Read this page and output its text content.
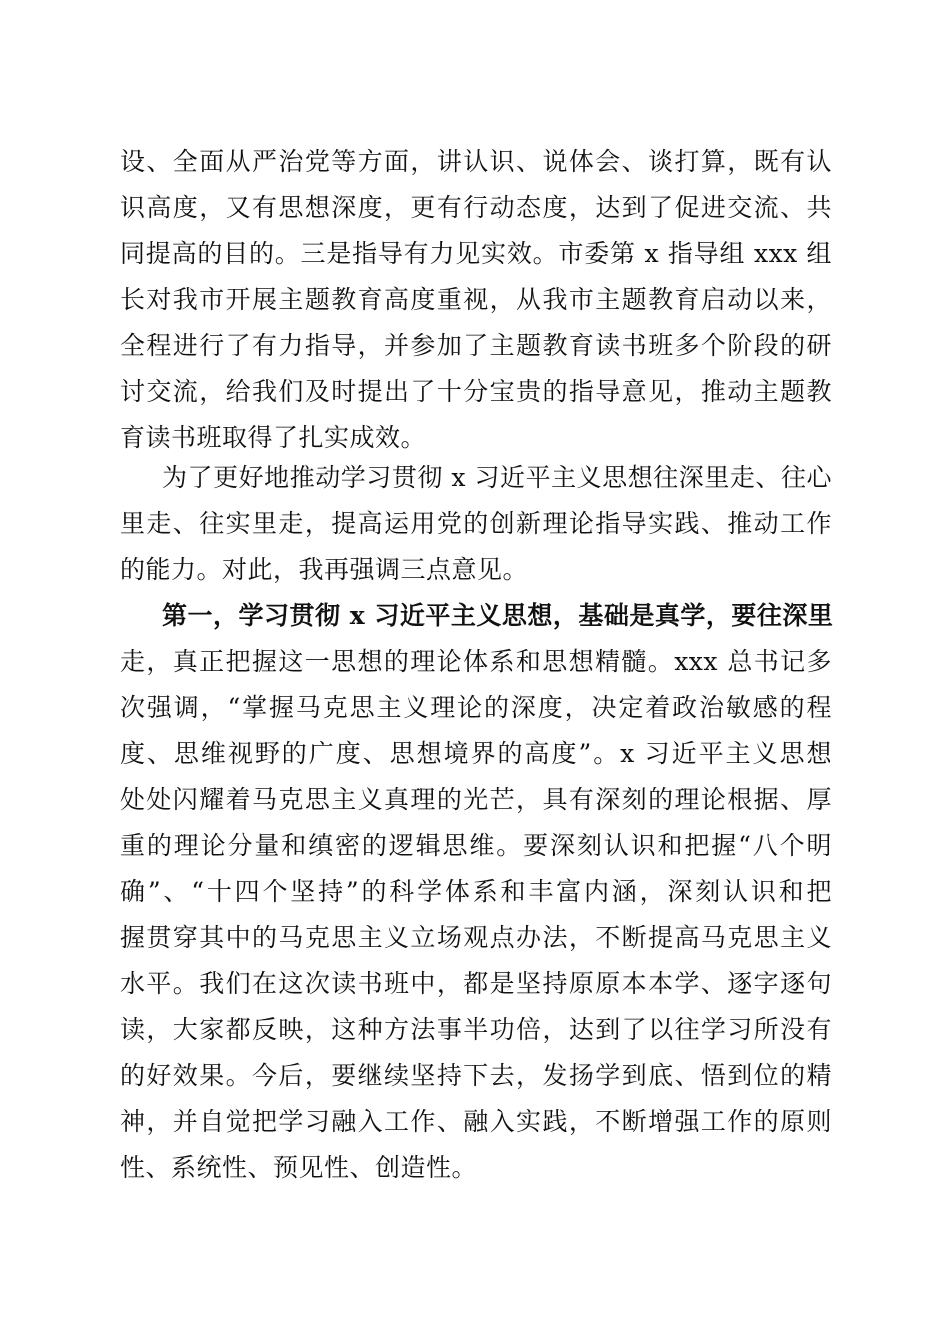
设、全面从严治党等方面，讲认识、说体会、谈打算，既有认
识高度，又有思想深度，更有行动态度，达到了促进交流、共
同提高的目的。三是指导有力见实效。市委第 x 指导组 xxx 组
长对我市开展主题教育高度重视，从我市主题教育启动以来，
全程进行了有力指导，并参加了主题教育读书班多个阶段的研
讨交流，给我们及时提出了十分宝贵的指导意见，推动主题教
育读书班取得了扎实成效。
为了更好地推动学习贯彻 x 习近平主义思想往深里走、往心
里走、往实里走，提高运用党的创新理论指导实践、推动工作
的能力。对此，我再强调三点意见。
第一，学习贯彻 x 习近平主义思想，基础是真学，要往深里
走，真正把握这一思想的理论体系和思想精髓。xxx 总书记多
次强调，“掌握马克思主义理论的深度，决定着政治敏感的程
度、思维视野的广度、思想境界的高度”。x 习近平主义思想
处处闪耀着马克思主义真理的光芒，具有深刻的理论根据、厚
重的理论分量和缜密的逻辑思维。要深刻认识和把握“八个明
确”、“十四个坚持”的科学体系和丰富内涵，深刻认识和把
握贯穿其中的马克思主义立场观点办法，不断提高马克思主义
水平。我们在这次读书班中，都是坚持原原本本学、逐字逐句
读，大家都反映，这种方法事半功倍，达到了以往学习所没有
的好效果。今后，要继续坚持下去，发扬学到底、悟到位的精
神，并自觉把学习融入工作、融入实践，不断增强工作的原则
性、系统性、预见性、创造性。
